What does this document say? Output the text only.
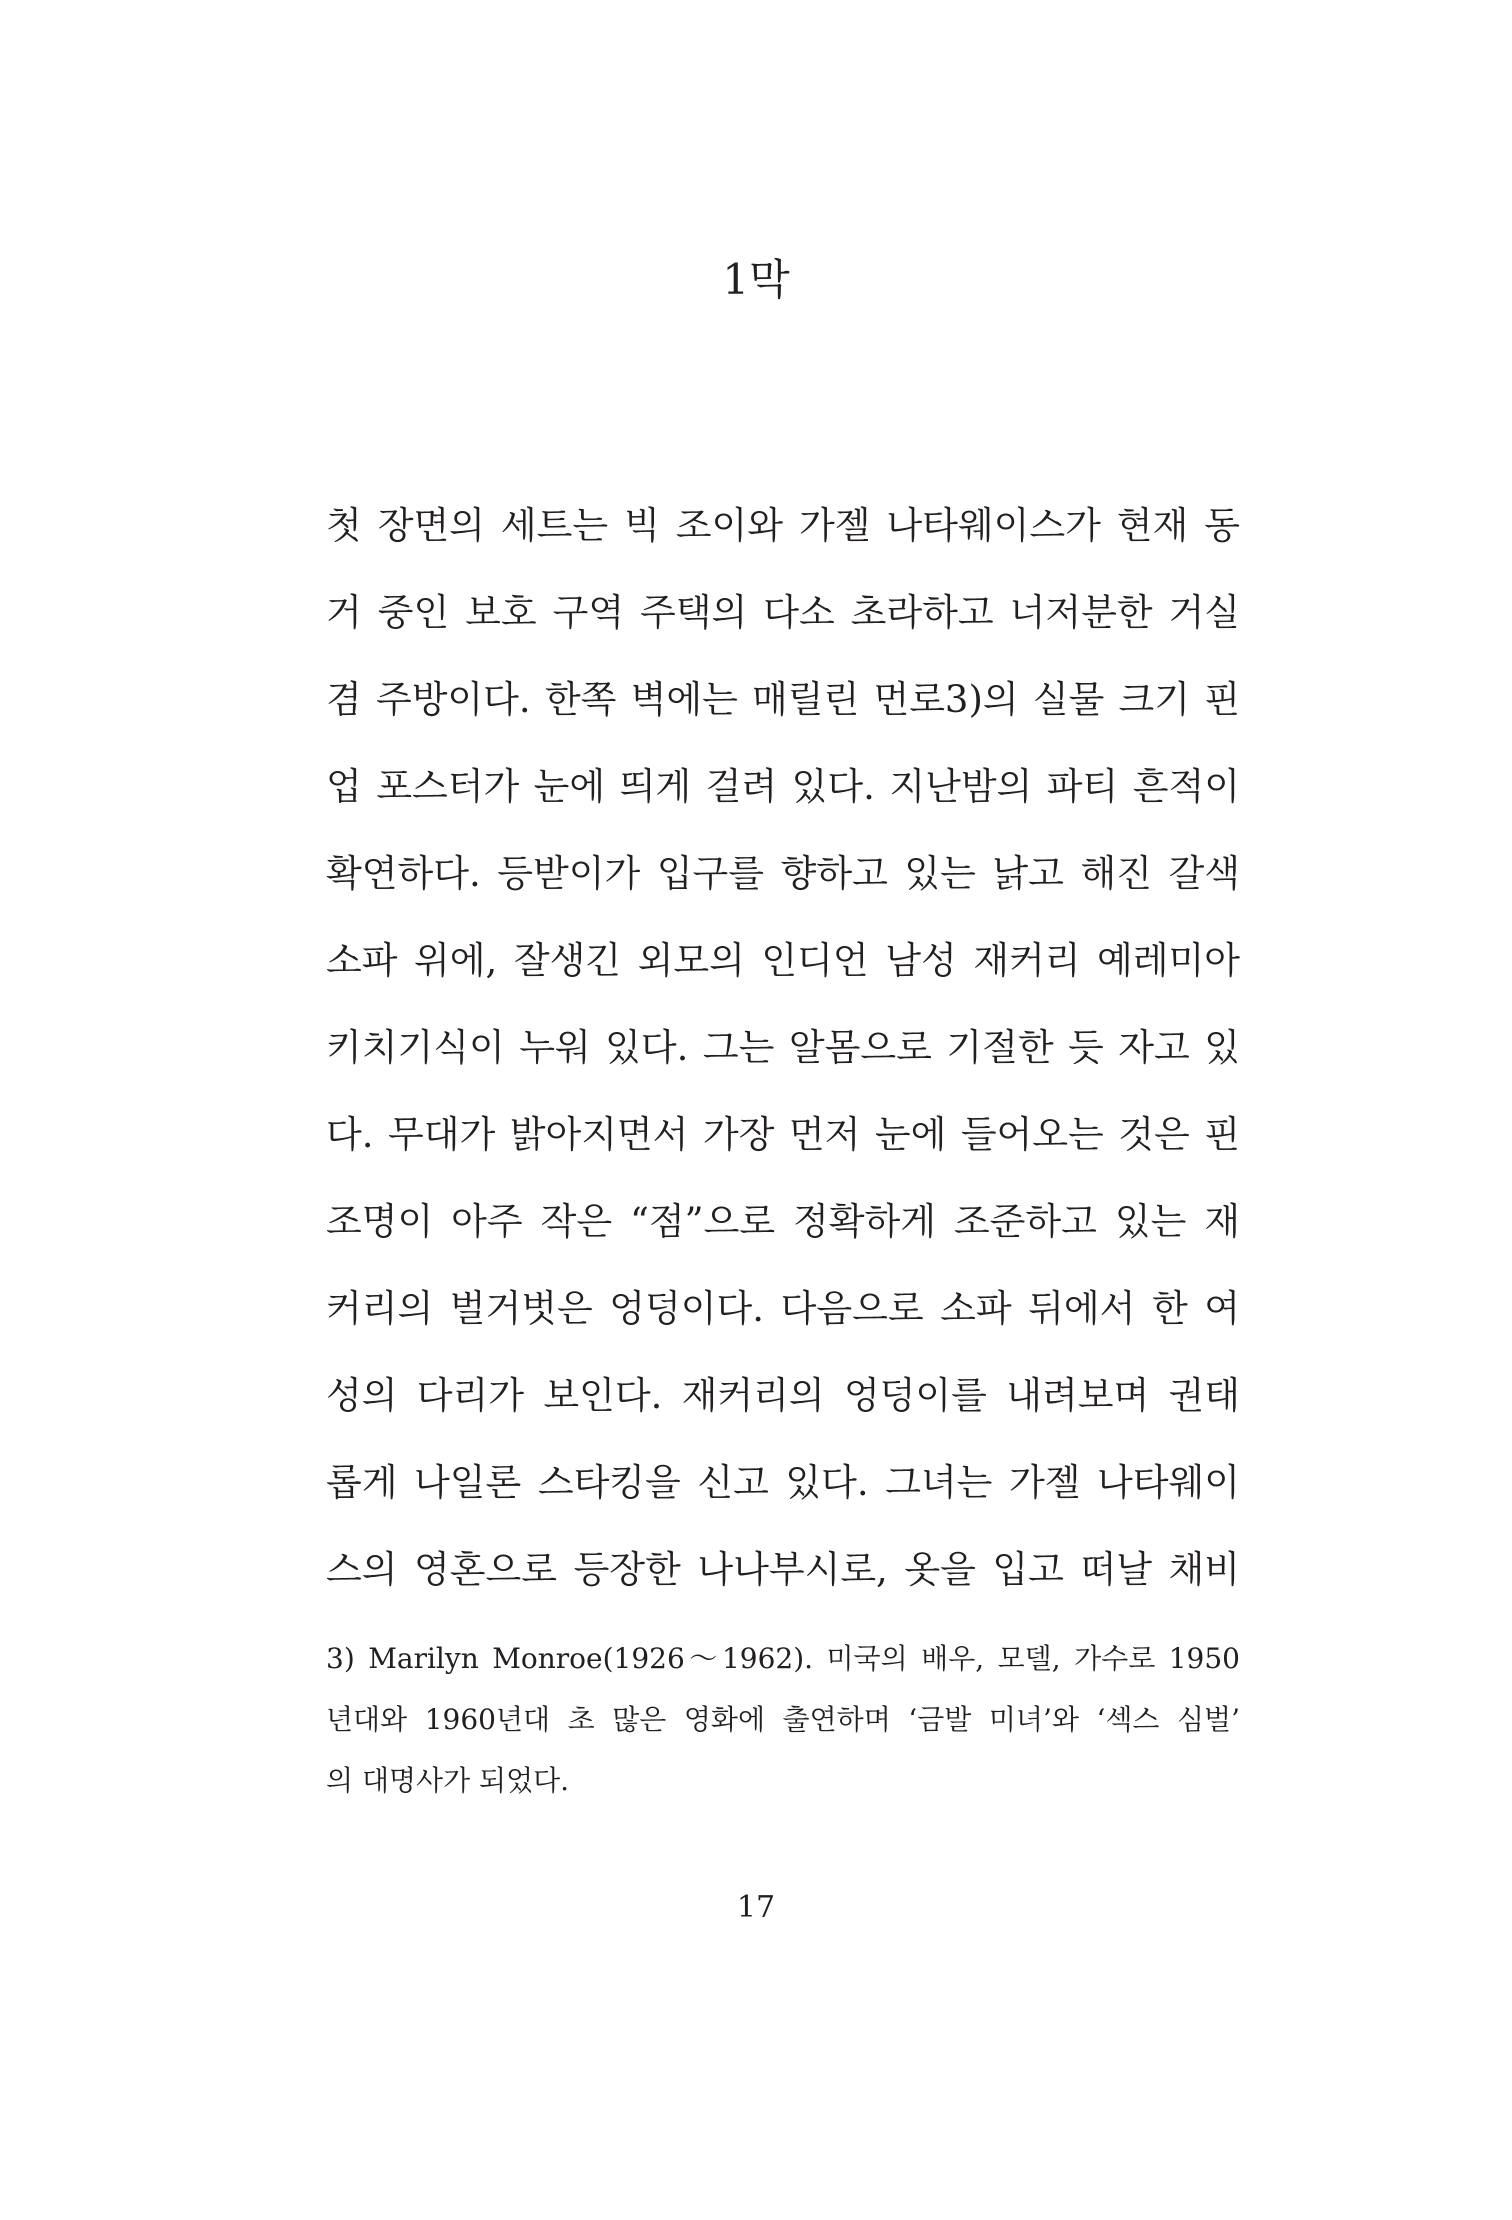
1막
첫 장면의 세트는 빅 조이와 가젤 나타웨이스가 현재 동
거 중인 보호 구역 주택의 다소 초라하고 너저분한 거실
겸 주방이다. 한쪽 벽에는 매릴린 먼로3)의 실물 크기 핀
업 포스터가 눈에 띄게 걸려 있다. 지난밤의 파티 흔적이
확연하다. 등받이가 입구를 향하고 있는 낡고 해진 갈색
소파 위에, 잘생긴 외모의 인디언 남성 재커리 예레미아
키치기식이 누워 있다. 그는 알몸으로 기절한 듯 자고 있
다. 무대가 밝아지면서 가장 먼저 눈에 들어오는 것은 핀
조명이 아주 작은 “점”으로 정확하게 조준하고 있는 재
커리의 벌거벗은 엉덩이다. 다음으로 소파 뒤에서 한 여
성의 다리가 보인다. 재커리의 엉덩이를 내려보며 권태
롭게 나일론 스타킹을 신고 있다. 그녀는 가젤 나타웨이
스의 영혼으로 등장한 나나부시로, 옷을 입고 떠날 채비
3) Marilyn Monroe(1926～1962). 미국의 배우, 모델, 가수로 1950
년대와 1960년대 초 많은 영화에 출연하며 ‘금발 미녀’와 ‘섹스 심벌’
의 대명사가 되었다.
17
